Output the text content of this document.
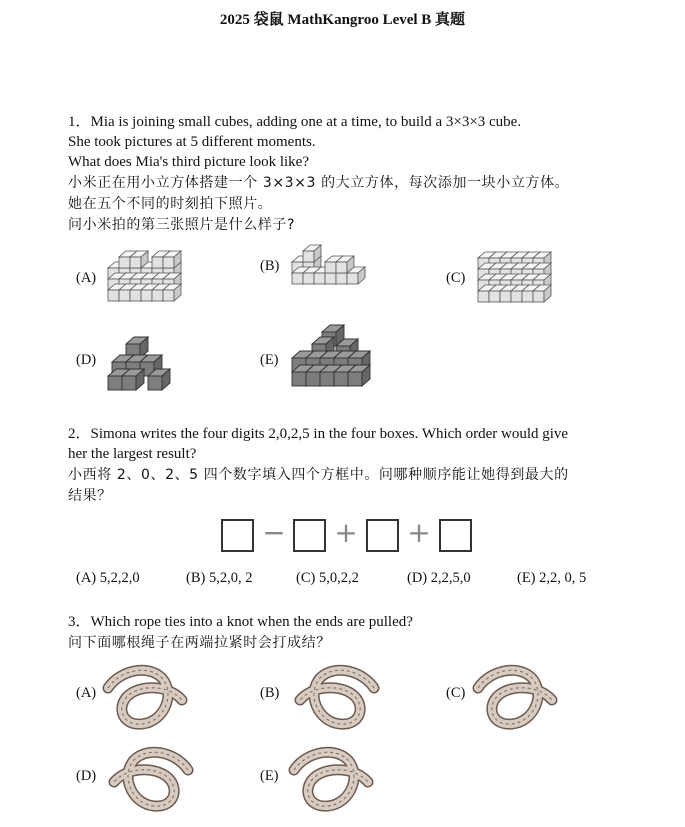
2025 袋鼠 MathKangroo Level B 真题
1．Mia is joining small cubes, adding one at a time, to build a 3×3×3 cube.
She took pictures at 5 different moments.
What does Mia's third picture look like?
小米正在用小立方体搭建一个 3×3×3 的大立方体，每次添加一块小立方体。
她在五个不同的时刻拍下照片。
问小米拍的第三张照片是什么样子?
(A)
(B)
(C)
(D)	(E)
2．Simona writes the four digits 2,0,2,5 in the four boxes. Which order would give
her the largest result?
小西将 2、0、2、5 四个数字填入四个方框中。问哪种顺序能让她得到最大的
结果？
− + +
(A) 5,2,2,0	(B) 5,2,0, 2	(C) 5,0,2,2	(D) 2,2,5,0	(E) 2,2, 0, 5
3．Which rope ties into a knot when the ends are pulled?
问下面哪根绳子在两端拉紧时会打成结？
(A)	(B)	(C)
(D)	(E)
